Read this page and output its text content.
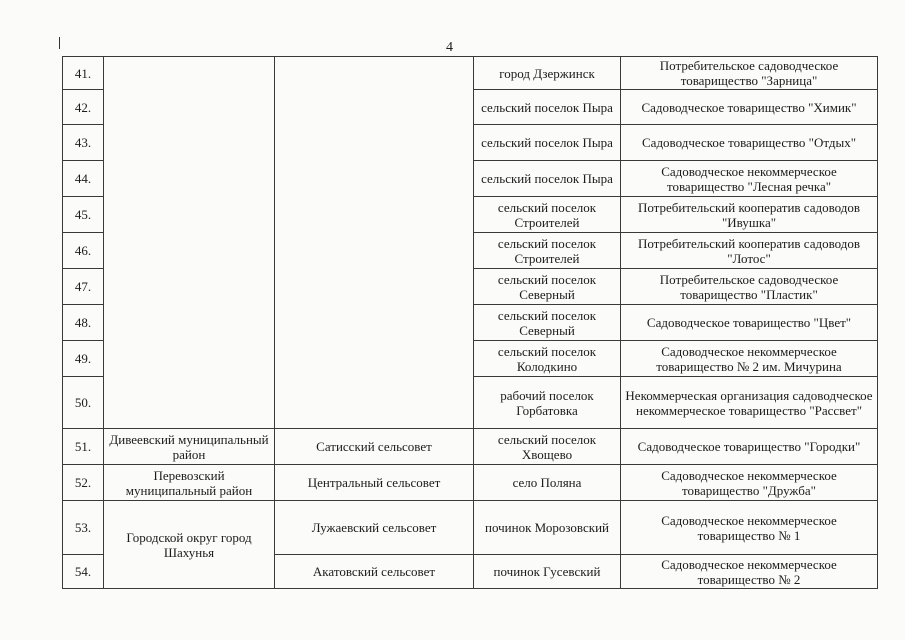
4
41.			город Дзержинск	Потребительское садоводческое товарищество "Зарница"
42.			сельский поселок Пыра	Садоводческое товарищество "Химик"
43.			сельский поселок Пыра	Садоводческое товарищество "Отдых"
44.			сельский поселок Пыра	Садоводческое некоммерческое товарищество "Лесная речка"
45.			сельский поселок Строителей	Потребительский кооператив садоводов "Ивушка"
46.			сельский поселок Строителей	Потребительский кооператив садоводов "Лотос"
47.			сельский поселок Северный	Потребительское садоводческое товарищество "Пластик"
48.			сельский поселок Северный	Садоводческое товарищество "Цвет"
49.			сельский поселок Колодкино	Садоводческое некоммерческое товарищество № 2 им. Мичурина
50.			рабочий поселок Горбатовка	Некоммерческая организация садоводческое некоммерческое товарищество "Рассвет"
51.	Дивеевский муниципальный район	Сатисский сельсовет	сельский поселок Хвощево	Садоводческое товарищество "Городки"
52.	Перевозский муниципальный район	Центральный сельсовет	село Поляна	Садоводческое некоммерческое товарищество "Дружба"
53.	Городской округ город Шахунья	Лужаевский сельсовет	починок Морозовский	Садоводческое некоммерческое товарищество № 1
54.		Акатовский сельсовет	починок Гусевский	Садоводческое некоммерческое товарищество № 2
